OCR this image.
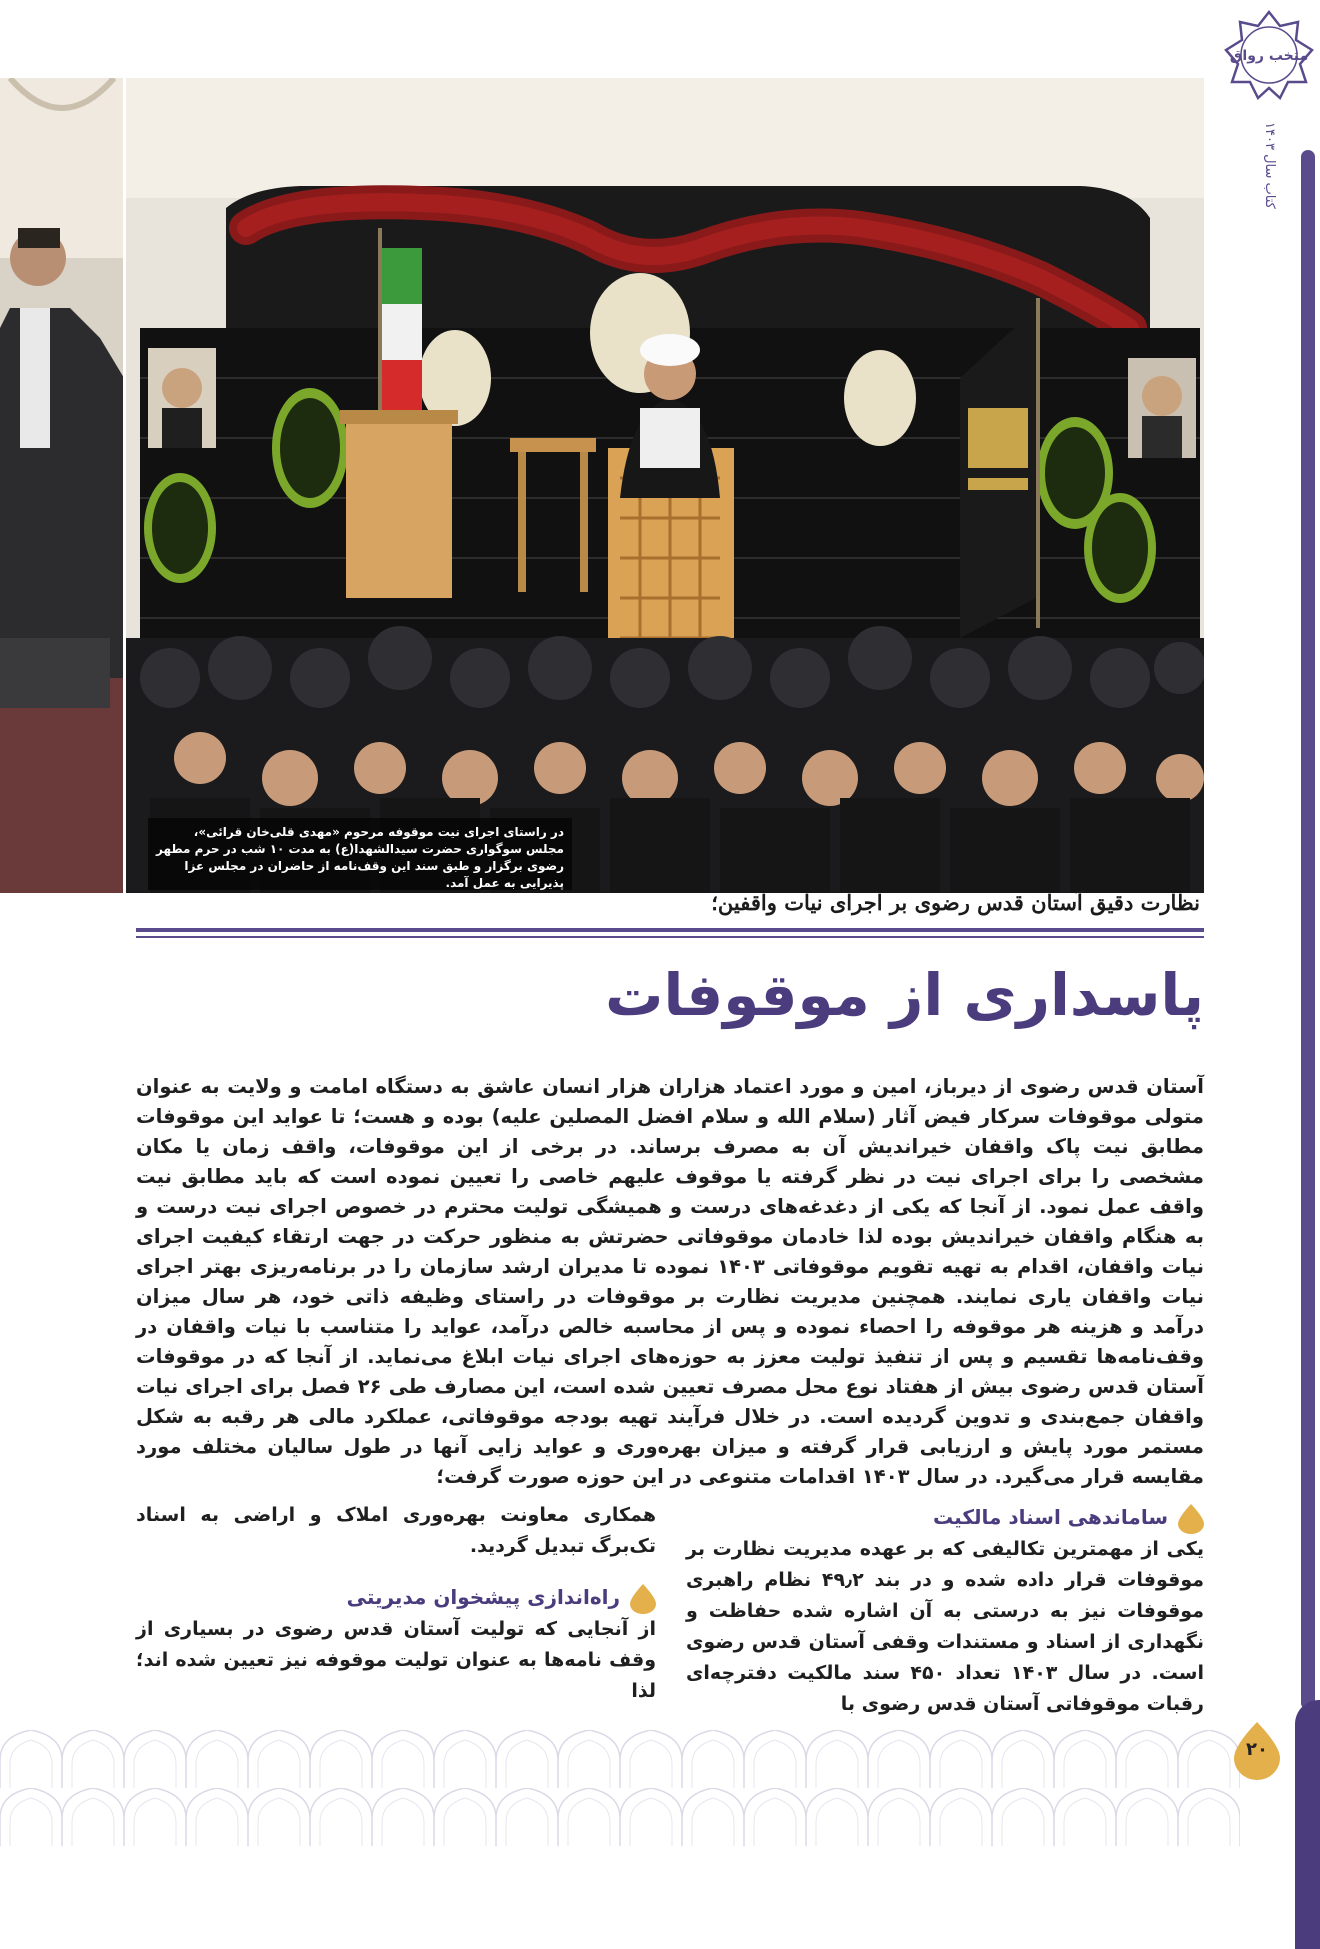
متخب رواق
کتاب سال ۱۴۰۳
در راستای اجرای نیت موقوفه مرحوم «مهدی قلی‌خان قرائی»، مجلس سوگواری حضرت سیدالشهدا(ع) به مدت ۱۰ شب در حرم مطهر رضوی برگزار و طبق سند این وقف‌نامه از حاضران در مجلس عزا پذیرایی به عمل آمد.
نظارت دقیق آستان قدس رضوی بر اجرای نیات واقفین؛
پاسداری از موقوفات
آستان قدس رضوی از دیرباز، امین و مورد اعتماد هزاران هزار انسان عاشق به دستگاه امامت و ولایت به عنوان متولی موقوفات سرکار فیض آثار (سلام الله و سلام افضل المصلین علیه) بوده و هست؛ تا عواید این موقوفات مطابق نیت پاک واقفان خیراندیش آن به مصرف برساند. در برخی از این موقوفات، واقف زمان یا مکان مشخصی را برای اجرای نیت در نظر گرفته یا موقوف علیهم خاصی را تعیین نموده است که باید مطابق نیت واقف عمل نمود. از آنجا که یکی از دغدغه‌های درست و همیشگی تولیت محترم در خصوص اجرای نیت درست و به هنگام واقفان خیراندیش بوده لذا خادمان موقوفاتی حضرتش به منظور حرکت در جهت ارتقاء کیفیت اجرای نیات واقفان، اقدام به تهیه تقویم موقوفاتی ۱۴۰۳ نموده تا مدیران ارشد سازمان را در برنامه‌ریزی بهتر اجرای نیات واقفان یاری نمایند. همچنین مدیریت نظارت بر موقوفات در راستای وظیفه ذاتی خود، هر سال میزان درآمد و هزینه هر موقوفه را احصاء نموده و پس از محاسبه خالص درآمد، عواید را متناسب با نیات واقفان در وقف‌نامه‌ها تقسیم و پس از تنفیذ تولیت معزز به حوزه‌های اجرای نیات ابلاغ می‌نماید. از آنجا که در موقوفات آستان قدس رضوی بیش از هفتاد نوع محل مصرف تعیین شده است، این مصارف طی ۲۶ فصل برای اجرای نیات واقفان جمع‌بندی و تدوین گردیده است. در خلال فرآیند تهیه بودجه موقوفاتی، عملکرد مالی هر رقبه به شکل مستمر مورد پایش و ارزیابی قرار گرفته و میزان بهره‌وری و عواید زایی آنها در طول سالیان مختلف مورد مقایسه قرار می‌گیرد. در سال ۱۴۰۳ اقدامات متنوعی در این حوزه صورت گرفت؛
ساماندهی اسناد مالکیت
یکی از مهمترین تکالیفی که بر عهده مدیریت نظارت بر موقوفات قرار داده شده و در بند ۴۹٫۲ نظام راهبری موقوفات نیز به درستی به آن اشاره شده حفاظت و نگهداری از اسناد و مستندات وقفی آستان قدس رضوی است. در سال ۱۴۰۳ تعداد ۴۵۰ سند مالکیت دفترچه‌ای رقبات موقوفاتی آستان قدس رضوی با
همکاری معاونت بهره‌وری املاک و اراضی به اسناد تک‌برگ تبدیل گردید.
راه‌اندازی پیشخوان مدیریتی
از آنجایی که تولیت آستان قدس رضوی در بسیاری از وقف نامه‌ها به عنوان تولیت موقوفه نیز تعیین شده اند؛ لذا
۲۰
